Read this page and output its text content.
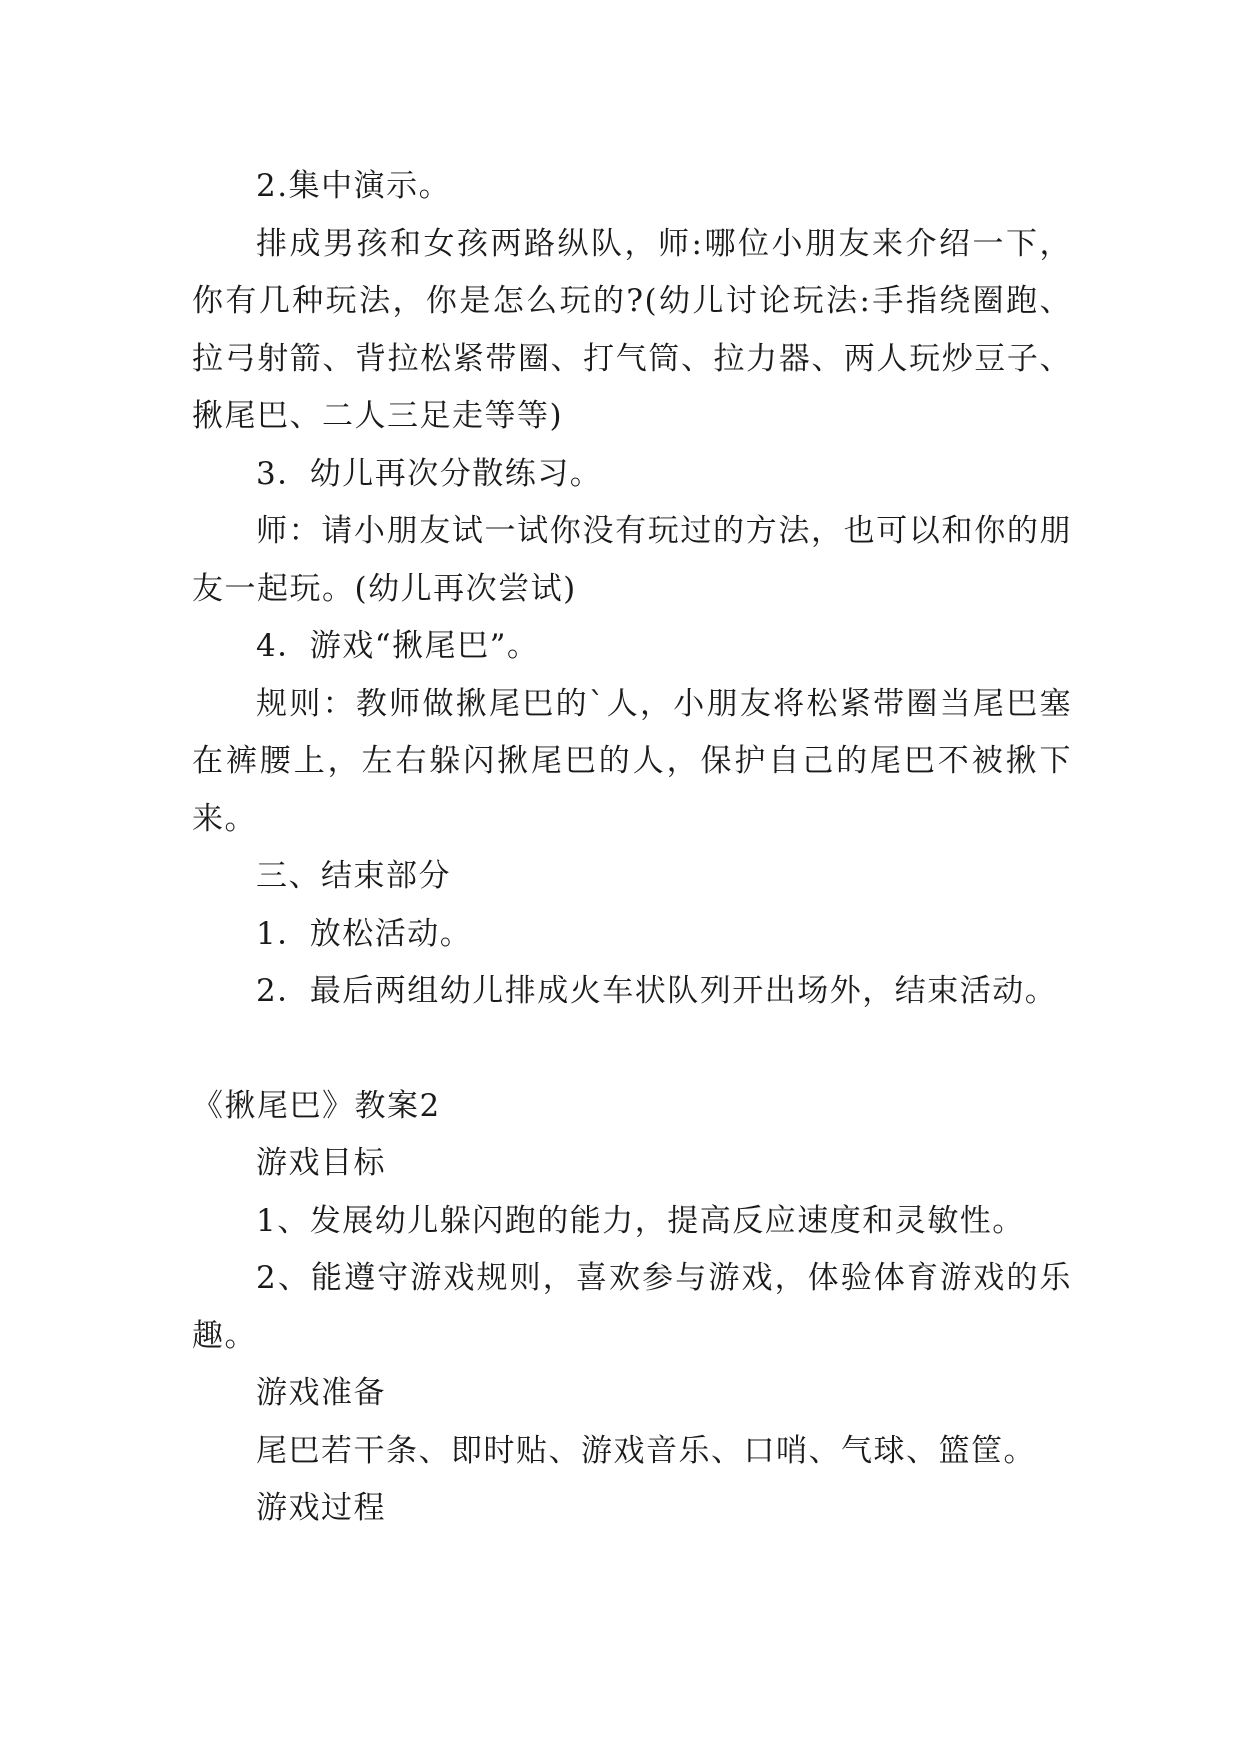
2.集中演示。

排成男孩和女孩两路纵队，师:哪位小朋友来介绍一下，你有几种玩法，你是怎么玩的?(幼儿讨论玩法:手指绕圈跑、拉弓射箭、背拉松紧带圈、打气筒、拉力器、两人玩炒豆子、揪尾巴、二人三足走等等)

3．幼儿再次分散练习。

师：请小朋友试一试你没有玩过的方法，也可以和你的朋友一起玩。(幼儿再次尝试)

4．游戏“揪尾巴”。

规则：教师做揪尾巴的`人，小朋友将松紧带圈当尾巴塞在裤腰上，左右躲闪揪尾巴的人，保护自己的尾巴不被揪下来。

三、结束部分

1．放松活动。

2．最后两组幼儿排成火车状队列开出场外，结束活动。

《揪尾巴》教案2

游戏目标

1、发展幼儿躲闪跑的能力，提高反应速度和灵敏性。

2、能遵守游戏规则，喜欢参与游戏，体验体育游戏的乐趣。

游戏准备

尾巴若干条、即时贴、游戏音乐、口哨、气球、篮筐。

游戏过程
